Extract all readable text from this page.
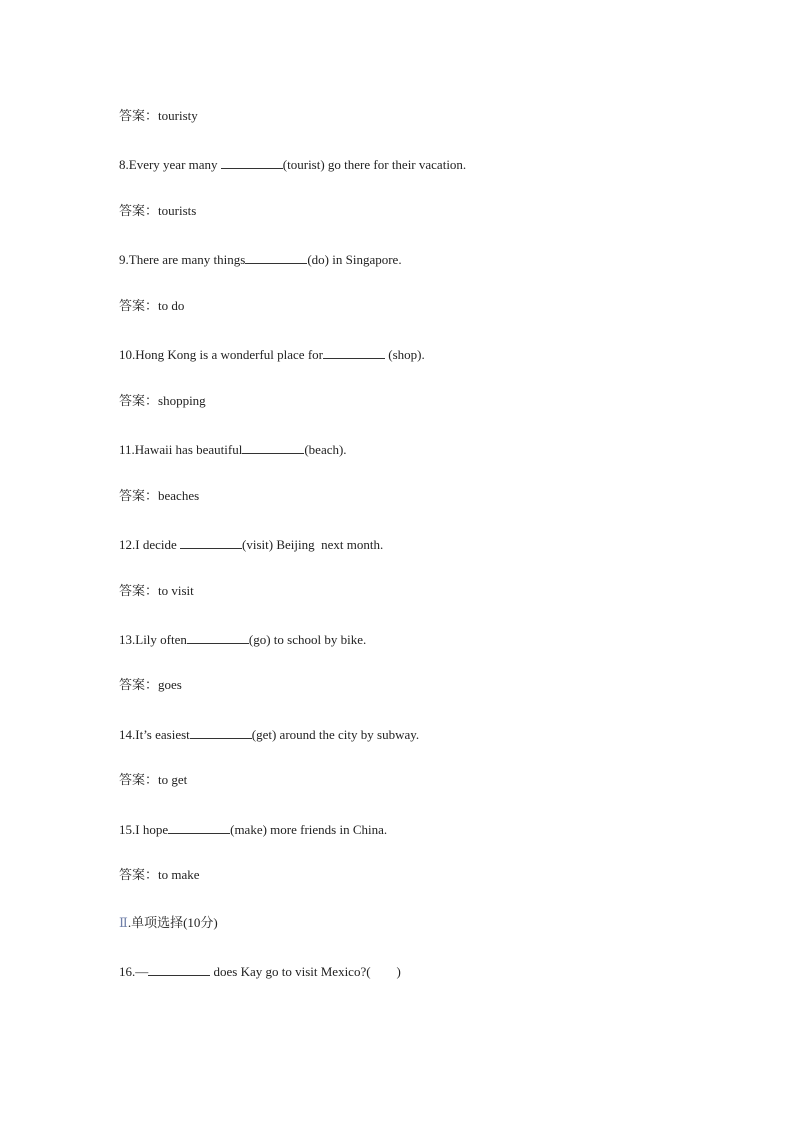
答案：touristy
8.Every year many	(tourist) go there for their vacation.
答案：tourists
9.There are many things	(do) in Singapore.
答案：to do
10.Hong Kong is a wonderful place for	(shop).
答案：shopping
11.Hawaii has beautiful	(beach).
答案：beaches
12.I decide	(visit) Beijing  next month.
答案：to visit
13.Lily often	(go) to school by bike.
答案：goes
14.It’s easiest	(get) around the city by subway.
答案：to get
15.I hope	(make) more friends in China.
答案：to make
Ⅱ.单项选择(10分)
16.—	does Kay go to visit Mexico?(　　)
